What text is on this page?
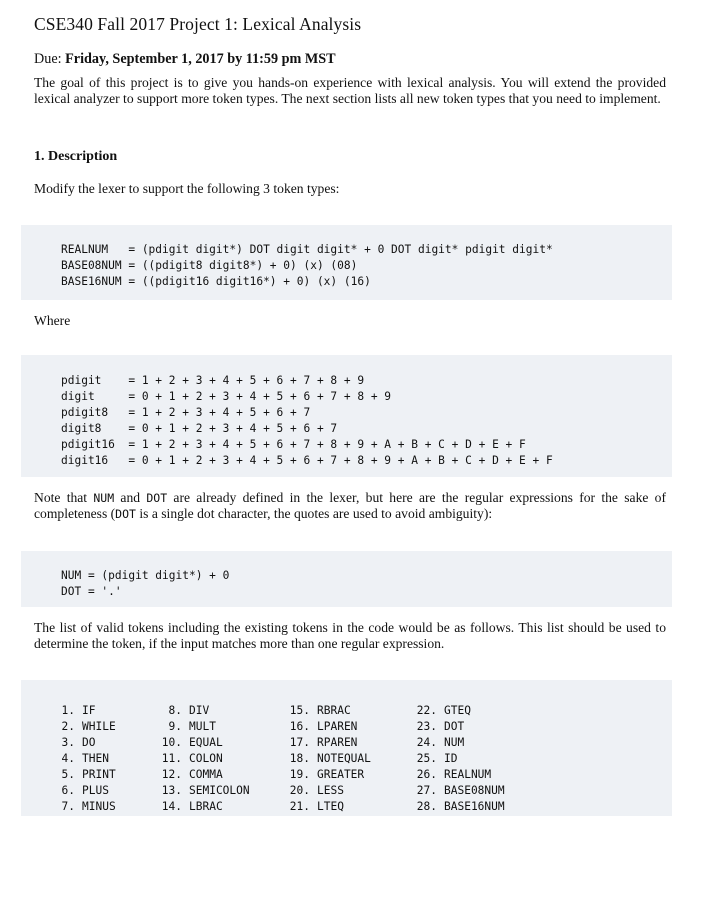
CSE340 Fall 2017 Project 1: Lexical Analysis
Due: Friday, September 1, 2017 by 11:59 pm MST
The goal of this project is to give you hands-on experience with lexical analysis. You will extend the provided lexical analyzer to support more token types. The next section lists all new token types that you need to implement.
1. Description
Modify the lexer to support the following 3 token types:
REALNUM   = (pdigit digit*) DOT digit digit* + 0 DOT digit* pdigit digit*
BASE08NUM = ((pdigit8 digit8*) + 0) (x) (08)
BASE16NUM = ((pdigit16 digit16*) + 0) (x) (16)
Where
pdigit    = 1 + 2 + 3 + 4 + 5 + 6 + 7 + 8 + 9
digit     = 0 + 1 + 2 + 3 + 4 + 5 + 6 + 7 + 8 + 9
pdigit8   = 1 + 2 + 3 + 4 + 5 + 6 + 7
digit8    = 0 + 1 + 2 + 3 + 4 + 5 + 6 + 7
pdigit16  = 1 + 2 + 3 + 4 + 5 + 6 + 7 + 8 + 9 + A + B + C + D + E + F
digit16   = 0 + 1 + 2 + 3 + 4 + 5 + 6 + 7 + 8 + 9 + A + B + C + D + E + F
Note that NUM and DOT are already defined in the lexer, but here are the regular expressions for the sake of completeness (DOT is a single dot character, the quotes are used to avoid ambiguity):
NUM = (pdigit digit*) + 0
DOT = '.'
The list of valid tokens including the existing tokens in the code would be as follows. This list should be used to determine the token, if the input matches more than one regular expression.
1. IF
2. WHILE
3. DO
4. THEN
5. PRINT
6. PLUS
7. MINUS
8. DIV
9. MULT
10. EQUAL
11. COLON
12. COMMA
13. SEMICOLON
14. LBRAC
15. RBRAC
16. LPAREN
17. RPAREN
18. NOTEQUAL
19. GREATER
20. LESS
21. LTEQ
22. GTEQ
23. DOT
24. NUM
25. ID
26. REALNUM
27. BASE08NUM
28. BASE16NUM
